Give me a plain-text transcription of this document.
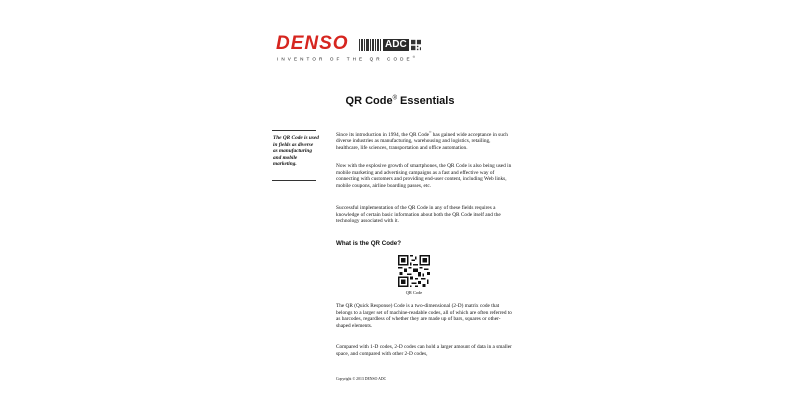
DENSO	ADC
INVENTOR OF THE QR CODE®
QR Code® Essentials
The QR Code is used in fields as diverse as manufacturing and mobile marketing.
Since its introduction in 1994, the QR Code® has gained wide acceptance in such diverse industries as manufacturing, warehousing and logistics, retailing, healthcare, life sciences, transportation and office automation.
Now with the explosive growth of smartphones, the QR Code is also being used in mobile marketing and advertising campaigns as a fast and effective way of connecting with customers and providing end-user content, including Web links, mobile coupons, airline boarding passes, etc.
Successful implementation of the QR Code in any of these fields requires a knowledge of certain basic information about both the QR Code itself and the technology associated with it.
What is the QR Code?
QR Code
The QR (Quick Response) Code is a two-dimensional (2-D) matrix code that belongs to a larger set of machine-readable codes, all of which are often referred to as barcodes, regardless of whether they are made up of bars, squares or other-shaped elements.
Compared with 1-D codes, 2-D codes can hold a larger amount of data in a smaller space, and compared with other 2-D codes,
Copyright © 2013 DENSO ADC
